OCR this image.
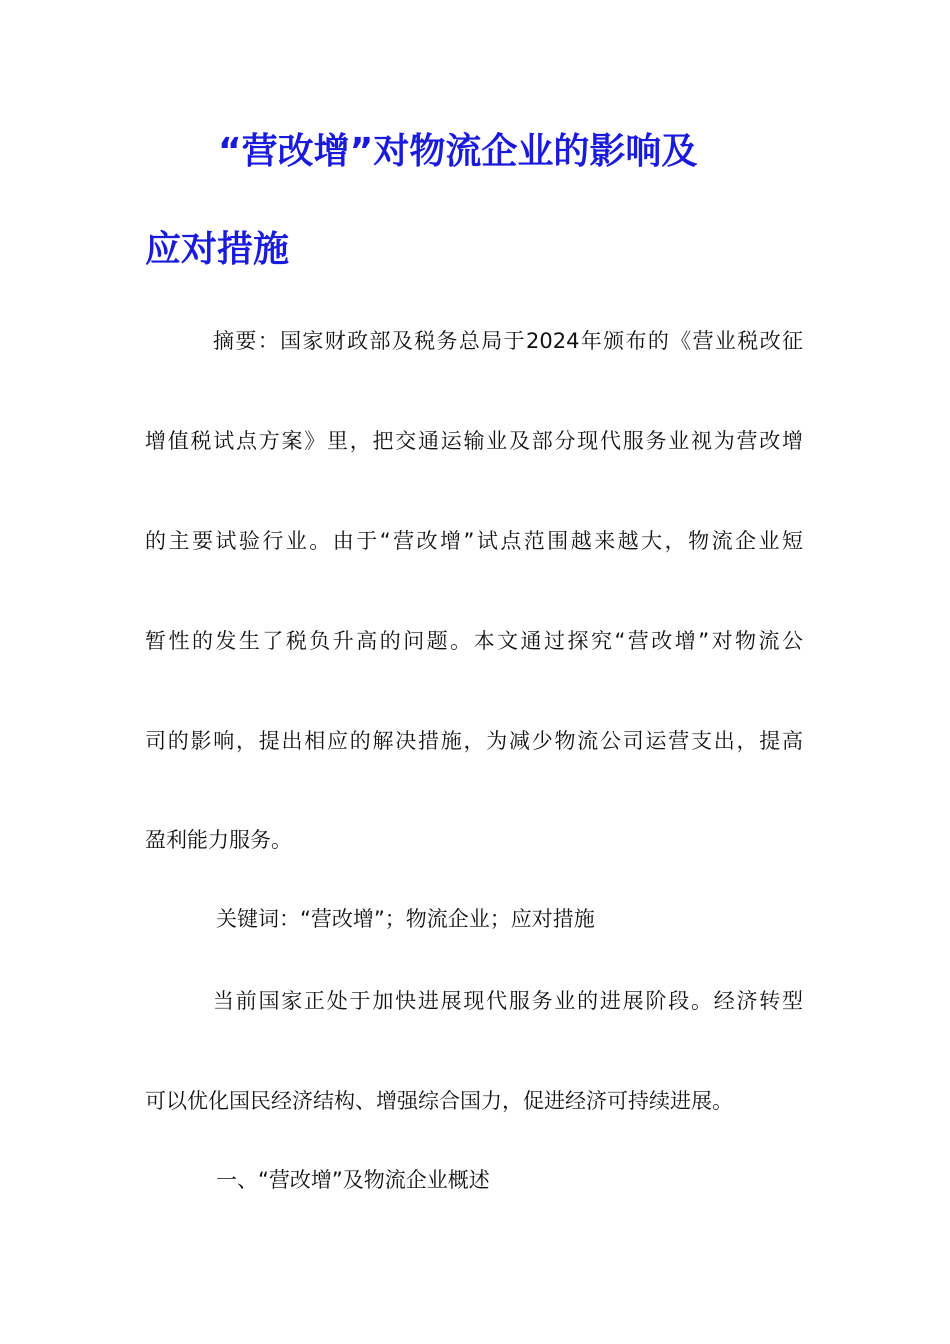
“营改增”对物流企业的影响及
应对措施

摘要：国家财政部及税务总局于2024年颁布的《营业税改征

增值税试点方案》里，把交通运输业及部分现代服务业视为营改增

的主要试验行业。由于“营改增”试点范围越来越大，物流企业短

暂性的发生了税负升高的问题。本文通过探究“营改增”对物流公

司的影响，提出相应的解决措施，为减少物流公司运营支出，提高

盈利能力服务。

关键词：“营改增”；物流企业；应对措施

当前国家正处于加快进展现代服务业的进展阶段。经济转型

可以优化国民经济结构、增强综合国力，促进经济可持续进展。

一、“营改增”及物流企业概述
